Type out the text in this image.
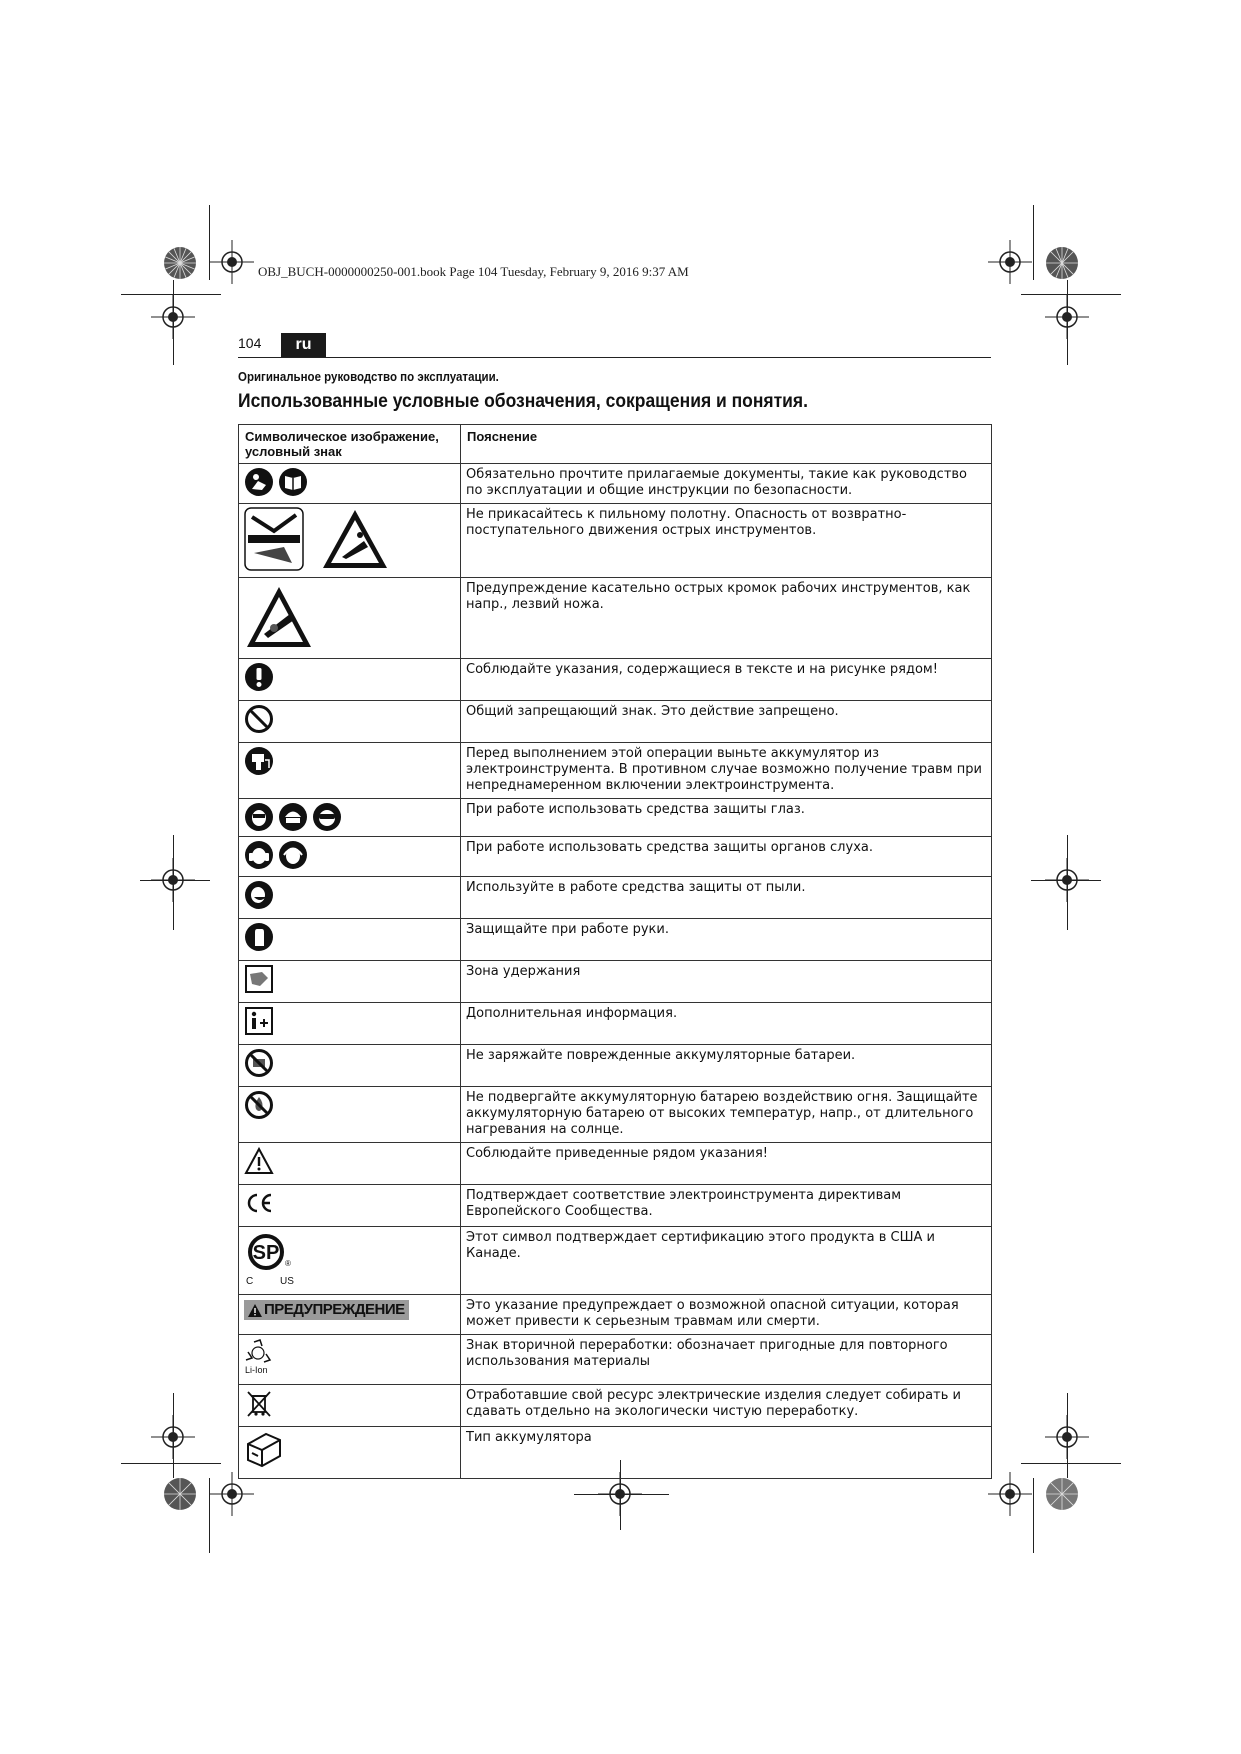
OBJ_BUCH-0000000250-001.book Page 104 Tuesday, February 9, 2016 9:37 AM
104	ru
Оригинальное руководство по эксплуатации.
Использованные условные обозначения, сокращения и понятия.
Символическое изображение, условный знак	Пояснение

	Обязательно прочтите прилагаемые документы, такие как руководство по эксплуатации и общие инструкции по безопасности.

	Не прикасайтесь к пильному полотну. Опасность от возвратно-поступательного движения острых инструментов.
	Предупреждение касательно острых кромок рабочих инструментов, как напр., лезвий ножа.
	Соблюдайте указания, содержащиеся в тексте и на рисунке рядом!
	Общий запрещающий знак. Это действие запрещено.
	Перед выполнением этой операции выньте аккумулятор из электроинструмента. В противном случае возможно получение травм при непреднамеренном включении электроинструмента.

	При работе использовать средства защиты глаз.

	При работе использовать средства защиты органов слуха.
	Используйте в работе средства защиты от пыли.
	Защищайте при работе руки.
	Зона удержания
	Дополнительная информация.
	Не заряжайте поврежденные аккумуляторные батареи.
	Не подвергайте аккумуляторную батарею воздействию огня. Защищайте аккумуляторную батарею от высоких температур, напр., от длительного нагревания на солнце.
	Соблюдайте приведенные рядом указания!
	Подтверждает соответствие электроинструмента директивам Европейского Сообщества.

SP ®
C US	Этот символ подтверждает сертификацию этого продукта в США и Канаде.

ПРЕДУПРЕЖДЕНИЕ	Это указание предупреждает о возможной опасной ситуации, которая может привести к серьезным травмам или смерти.

Li-Ion	Знак вторичной переработки: обозначает пригодные для повторного использования материалы
	Отработавшие свой ресурс электрические изделия следует собирать и сдавать отдельно на экологически чистую переработку.
	Тип аккумулятора
